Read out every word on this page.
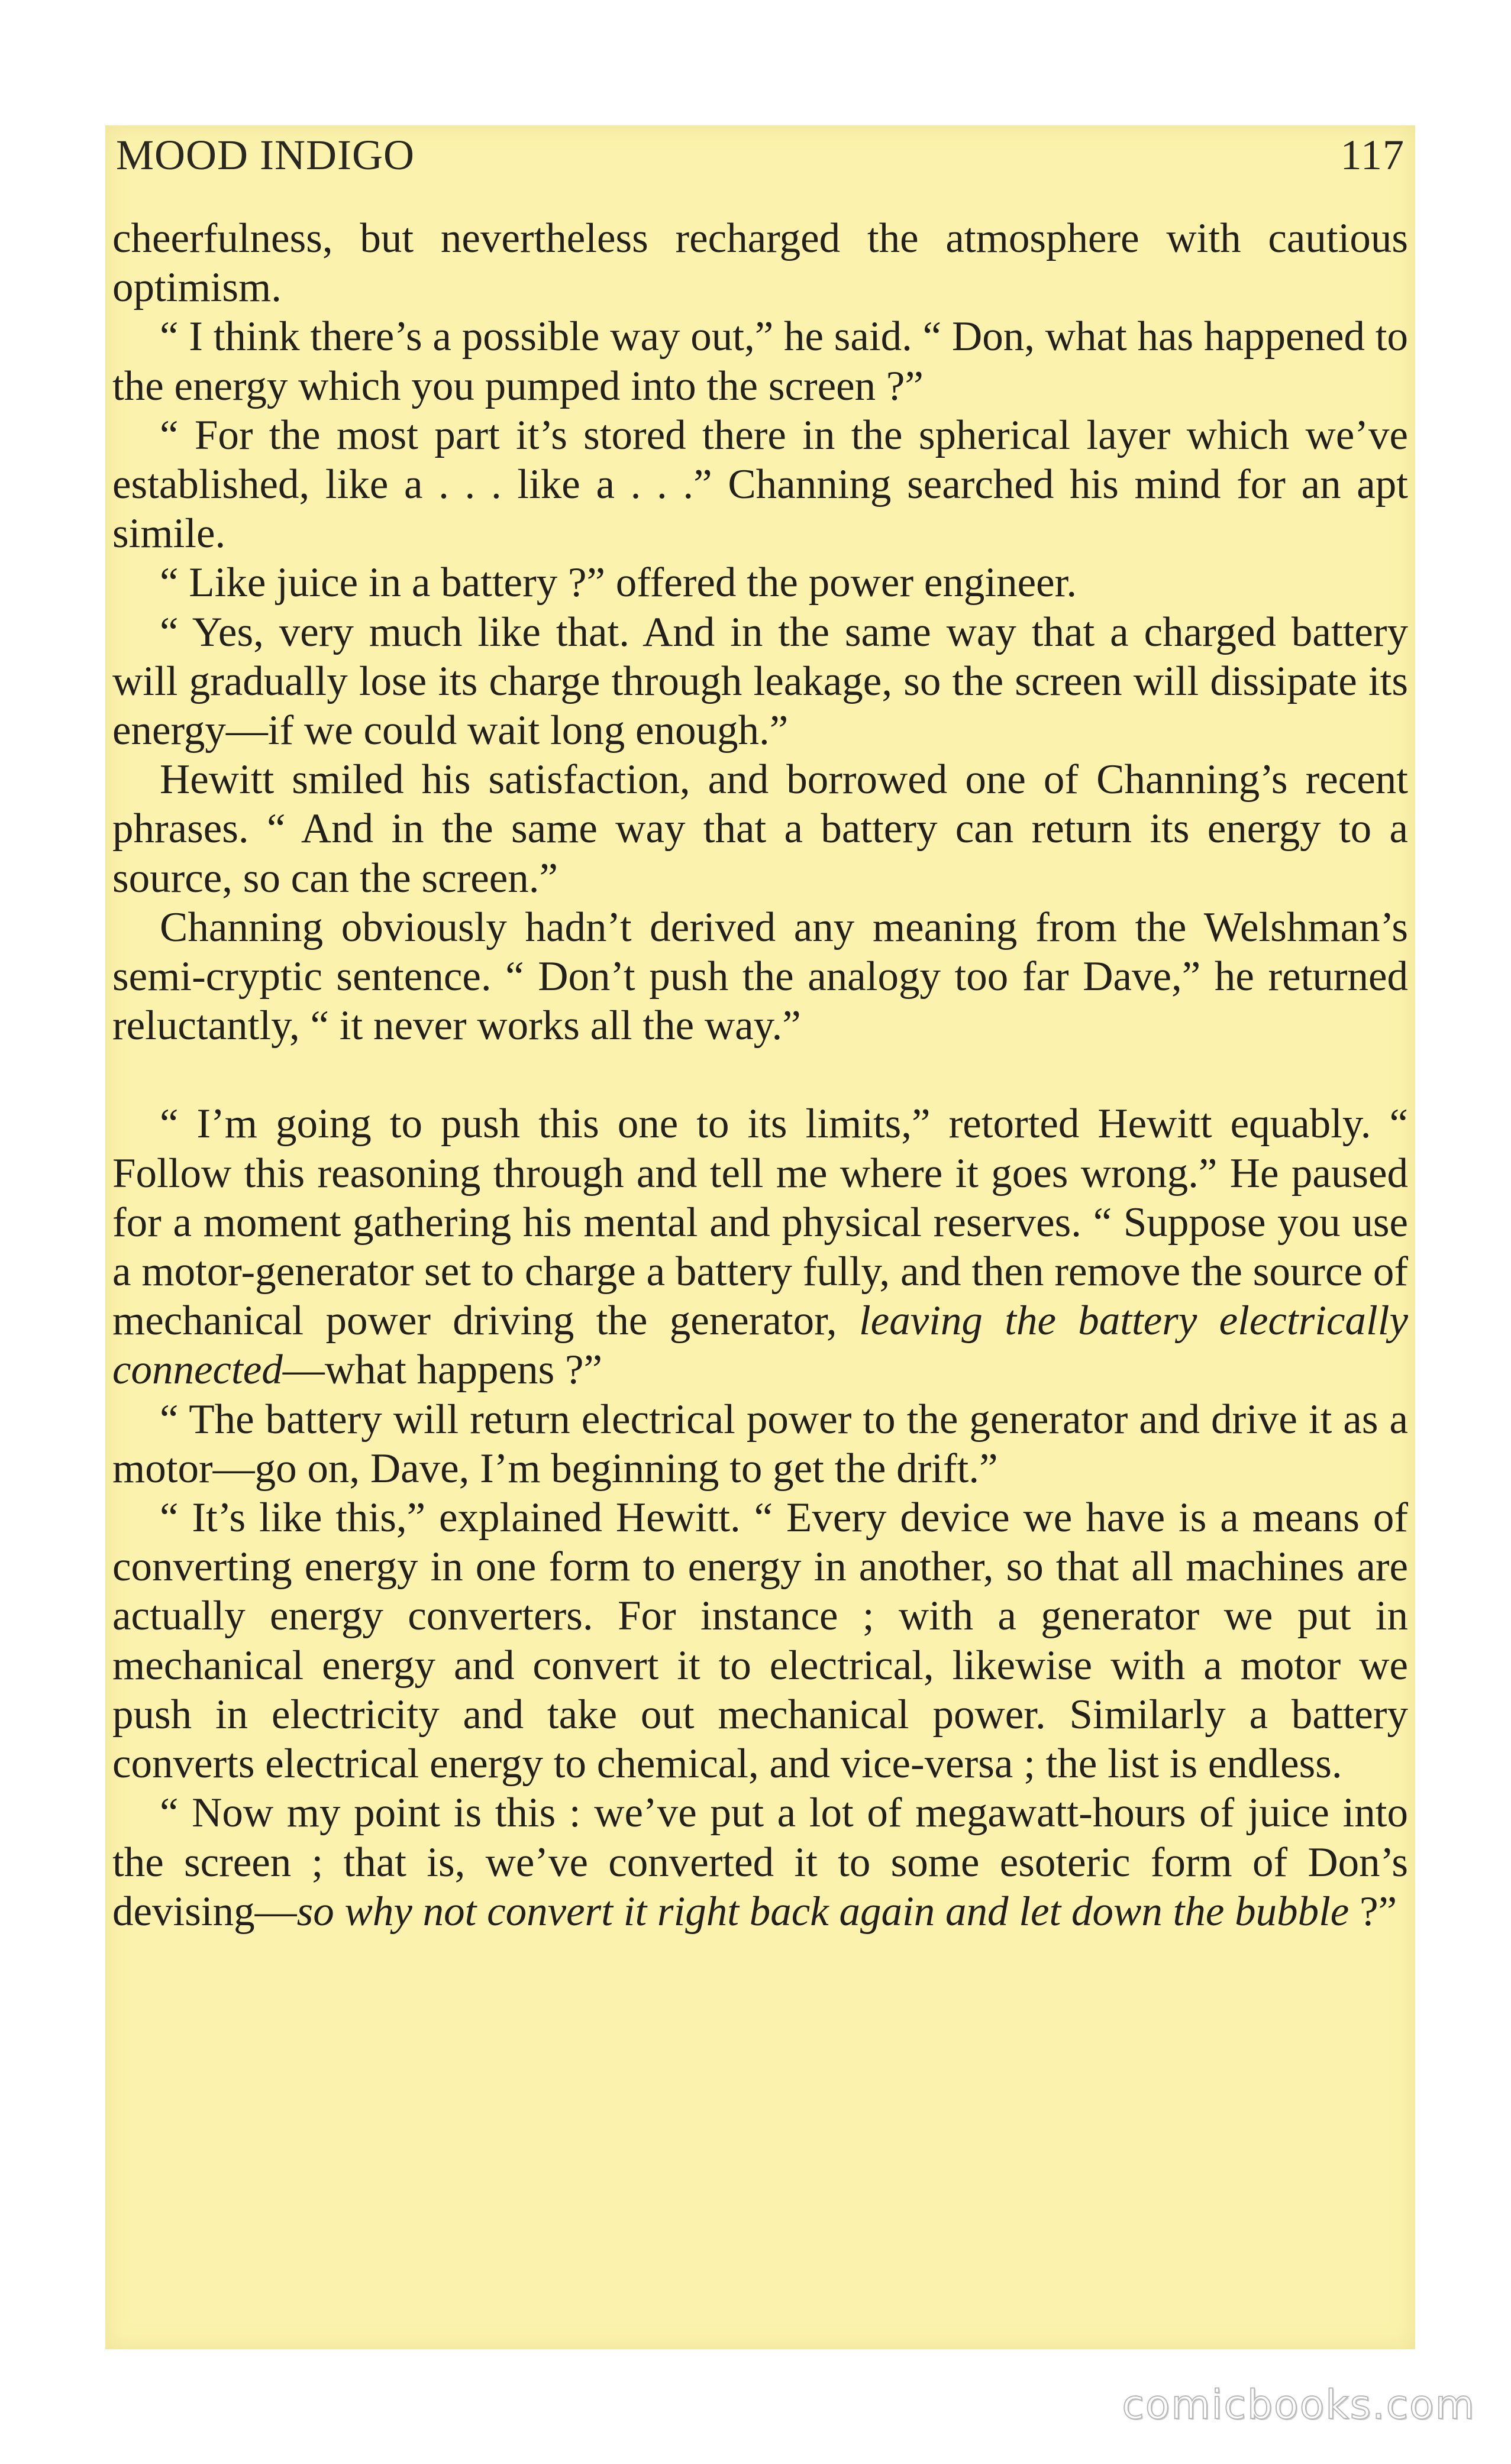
MOOD INDIGO	117

cheerfulness, but nevertheless recharged the atmosphere with cautious optimism.

“ I think there’s a possible way out,” he said. “ Don, what has happened to the energy which you pumped into the screen ?”

“ For the most part it’s stored there in the spherical layer which we’ve established, like a . . . like a . . .” Channing searched his mind for an apt simile.

“ Like juice in a battery ?” offered the power engineer.

“ Yes, very much like that. And in the same way that a charged battery will gradually lose its charge through leakage, so the screen will dissipate its energy—if we could wait long enough.”

Hewitt smiled his satisfaction, and borrowed one of Channing’s recent phrases. “ And in the same way that a battery can return its energy to a source, so can the screen.”

Channing obviously hadn’t derived any meaning from the Welshman’s semi-cryptic sentence. “ Don’t push the analogy too far Dave,” he returned reluctantly, “ it never works all the way.”

“ I’m going to push this one to its limits,” retorted Hewitt equably. “ Follow this reasoning through and tell me where it goes wrong.” He paused for a moment gathering his mental and physical reserves. “ Suppose you use a motor-generator set to charge a battery fully, and then remove the source of mechanical power driving the generator, leaving the battery electrically connected—what happens ?”

“ The battery will return electrical power to the generator and drive it as a motor—go on, Dave, I’m beginning to get the drift.”

“ It’s like this,” explained Hewitt. “ Every device we have is a means of converting energy in one form to energy in another, so that all machines are actually energy converters. For instance ; with a generator we put in mechanical energy and convert it to electrical, likewise with a motor we push in electricity and take out mechanical power. Similarly a battery converts electrical energy to chemical, and vice-versa ; the list is endless.

“ Now my point is this : we’ve put a lot of megawatt-hours of juice into the screen ; that is, we’ve converted it to some esoteric form of Don’s devising—so why not convert it right back again and let down the bubble ?”

comicbooks.com
